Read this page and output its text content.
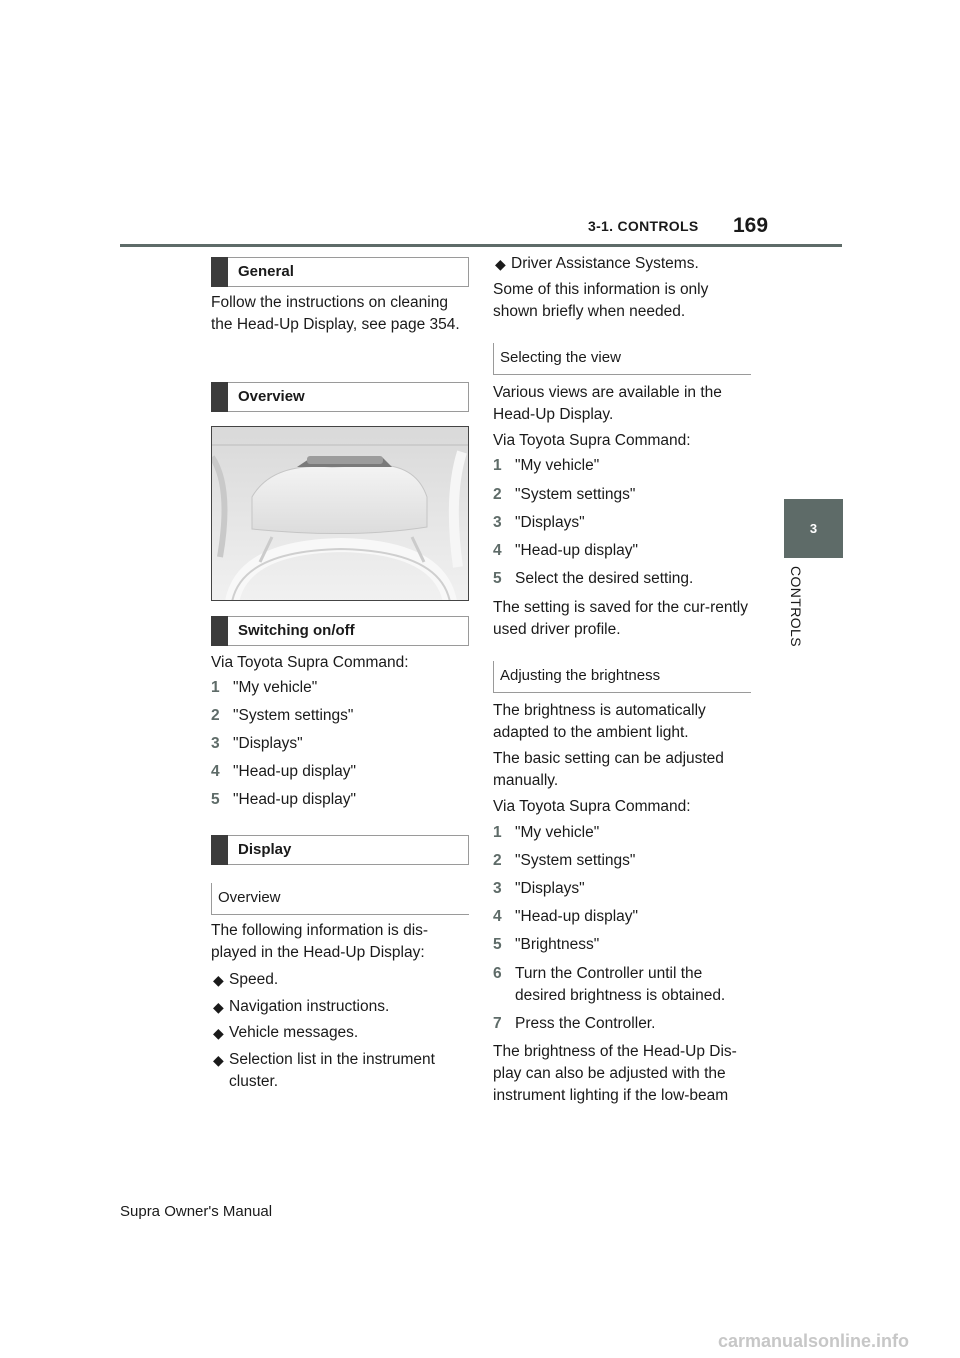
3-1. CONTROLS 169
3
CONTROLS
General

Follow the instructions on cleaning the Head-Up Display, see page 354.

Overview
Switching on/off

Via Toyota Supra Command:

1 "My vehicle"
2 "System settings"
3 "Displays"
4 "Head-up display"
5 "Head-up display"
Display
Overview

The following information is dis-played in the Head-Up Display:

◆ Speed.
◆ Navigation instructions.
◆ Vehicle messages.
◆ Selection list in the instrument cluster.
◆ Driver Assistance Systems.

Some of this information is only shown briefly when needed.

Selecting the view

Various views are available in the Head-Up Display.

Via Toyota Supra Command:

1 "My vehicle"
2 "System settings"
3 "Displays"
4 "Head-up display"
5 Select the desired setting.

The setting is saved for the cur-rently used driver profile.

Adjusting the brightness

The brightness is automatically adapted to the ambient light.

The basic setting can be adjusted manually.

Via Toyota Supra Command:

1 "My vehicle"
2 "System settings"
3 "Displays"
4 "Head-up display"
5 "Brightness"
6 Turn the Controller until the desired brightness is obtained.
7 Press the Controller.

The brightness of the Head-Up Dis-play can also be adjusted with the instrument lighting if the low-beam

Supra Owner's Manual
carmanualsonline.info
